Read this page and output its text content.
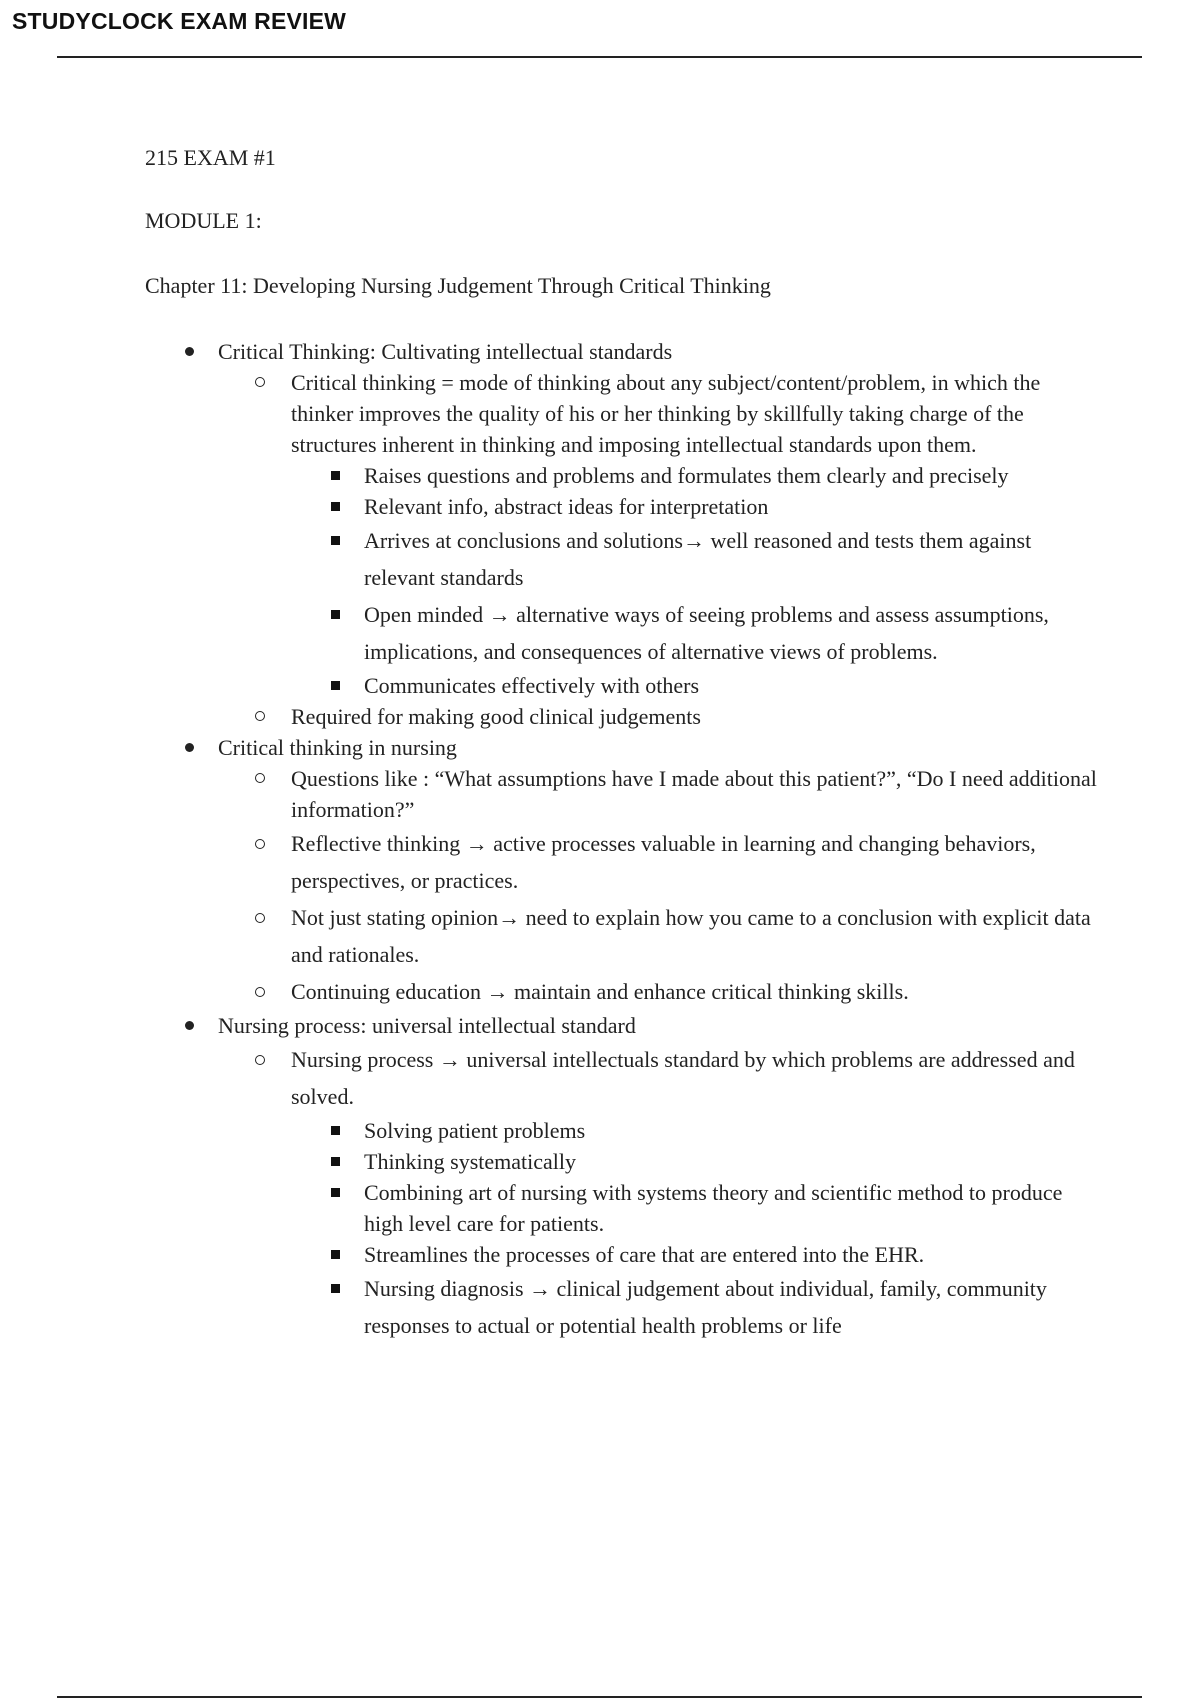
STUDYCLOCK EXAM REVIEW

215 EXAM #1

MODULE 1:

Chapter 11: Developing Nursing Judgement Through Critical Thinking

Critical Thinking: Cultivating intellectual standards
Critical thinking = mode of thinking about any subject/content/problem, in which the thinker improves the quality of his or her thinking by skillfully taking charge of the structures inherent in thinking and imposing intellectual standards upon them.
Raises questions and problems and formulates them clearly and precisely
Relevant info, abstract ideas for interpretation
Arrives at conclusions and solutions→ well reasoned and tests them against relevant standards
Open minded → alternative ways of seeing problems and assess assumptions, implications, and consequences of alternative views of problems.
Communicates effectively with others
Required for making good clinical judgements
Critical thinking in nursing
Questions like : “What assumptions have I made about this patient?”, “Do I need additional information?”
Reflective thinking → active processes valuable in learning and changing behaviors, perspectives, or practices.
Not just stating opinion→ need to explain how you came to a conclusion with explicit data and rationales.
Continuing education → maintain and enhance critical thinking skills.
Nursing process: universal intellectual standard
Nursing process → universal intellectuals standard by which problems are addressed and solved.
Solving patient problems
Thinking systematically
Combining art of nursing with systems theory and scientific method to produce high level care for patients.
Streamlines the processes of care that are entered into the EHR.
Nursing diagnosis → clinical judgement about individual, family, community responses to actual or potential health problems or life
